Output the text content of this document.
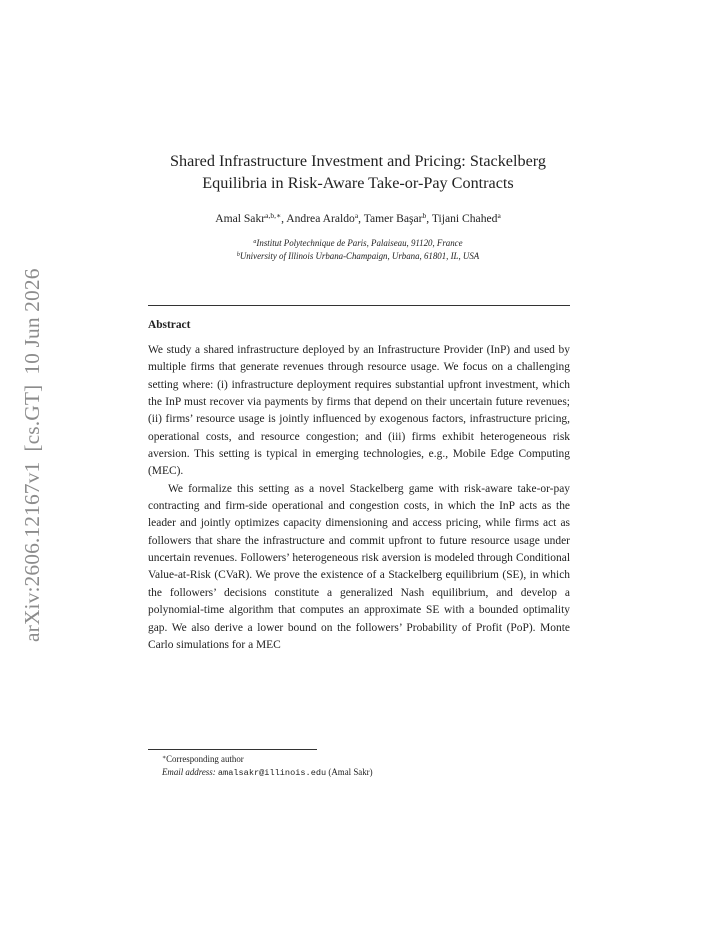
arXiv:2606.12167v1[cs.GT]10 Jun 2026
Shared Infrastructure Investment and Pricing: Stackelberg
Equilibria in Risk-Aware Take-or-Pay Contracts
Amal Sakr$^{a,b,∗}$, Andrea Araldo$^a$, Tamer Başar$^b$, Tijani Chahed$^a$
$^a$Institut Polytechnique de Paris, Palaiseau, 91120, France
$^b$University of Illinois Urbana-Champaign, Urbana, 61801, IL, USA
Abstract

We study a shared infrastructure deployed by an Infrastructure Provider (InP) and used by multiple firms that generate revenues through resource usage. We focus on a challenging setting where: (i) infrastructure deployment requires substantial upfront investment, which the InP must recover via payments by firms that depend on their uncertain future revenues; (ii) firms’ resource usage is jointly influenced by exogenous factors, infrastructure pricing, operational costs, and resource congestion; and (iii) firms exhibit heterogeneous risk aversion. This setting is typical in emerging technologies, e.g., Mobile Edge Computing (MEC).

We formalize this setting as a novel Stackelberg game with risk-aware take-or-pay contracting and firm-side operational and congestion costs, in which the InP acts as the leader and jointly optimizes capacity dimensioning and access pricing, while firms act as followers that share the infrastructure and commit upfront to future resource usage under uncertain revenues. Followers’ heterogeneous risk aversion is modeled through Conditional Value-at-Risk (CVaR). We prove the existence of a Stackelberg equilibrium (SE), in which the followers’ decisions constitute a generalized Nash equilibrium, and develop a polynomial-time algorithm that computes an approximate SE with a bounded optimality gap. We also derive a lower bound on the followers’ Probability of Profit (PoP). Monte Carlo simulations for a MEC

∗Corresponding author
Email address: amalsakr@illinois.edu (Amal Sakr)
